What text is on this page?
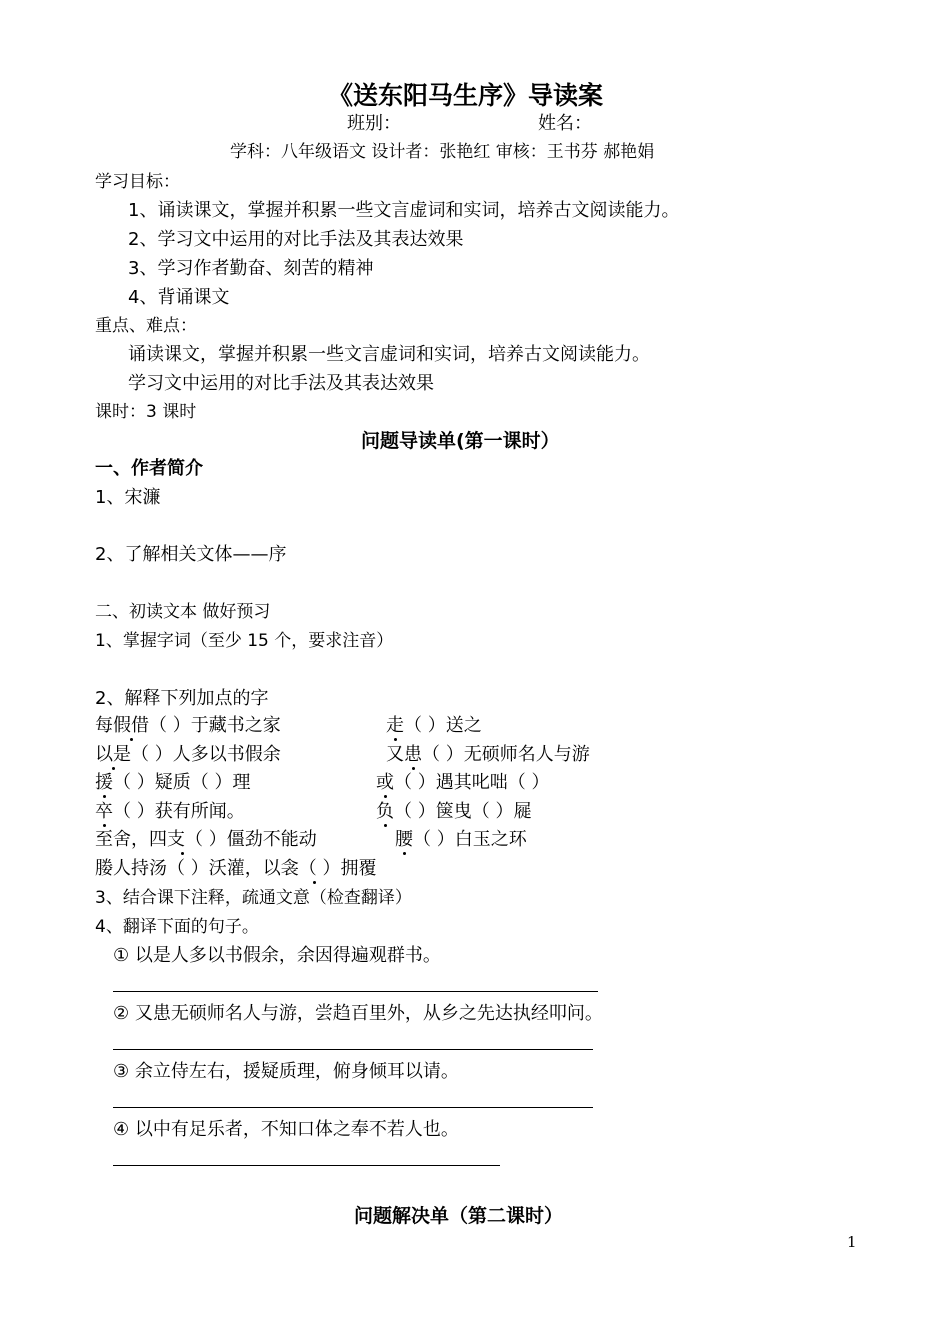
《送东阳马生序》导读案
班别：	姓名：
学科：八年级语文 设计者：张艳红 审核：王书芬 郝艳娟
学习目标：
1、诵读课文，掌握并积累一些文言虚词和实词，培养古文阅读能力。
2、学习文中运用的对比手法及其表达效果
3、学习作者勤奋、刻苦的精神
4、背诵课文
重点、难点：
诵读课文，掌握并积累一些文言虚词和实词，培养古文阅读能力。
学习文中运用的对比手法及其表达效果
课时：3 课时
问题导读单(第一课时）
一、作者简介
1、宋濂
2、了解相关文体——序
二、初读文本 做好预习
1、掌握字词（至少 15 个，要求注音）
2、解释下列加点的字
每假借（ ）于藏书之家
以是（ ）人多以书假余
援（ ）疑质（ ）理
卒（ ）获有所闻。
至舍，四支（ ）僵劲不能动
媵人持汤（ ）沃灌，以衾（ ）拥覆
走（ ）送之
又患（ ）无硕师名人与游
或（ ）遇其叱咄（ ）
负（ ）箧曳（ ）屣
腰（ ）白玉之环
3、结合课下注释，疏通文意（检查翻译）
4、翻译下面的句子。
① 以是人多以书假余，余因得遍观群书。
② 又患无硕师名人与游，尝趋百里外，从乡之先达执经叩问。
③ 余立侍左右，援疑质理，俯身倾耳以请。
④ 以中有足乐者，不知口体之奉不若人也。
问题解决单（第二课时）
1
